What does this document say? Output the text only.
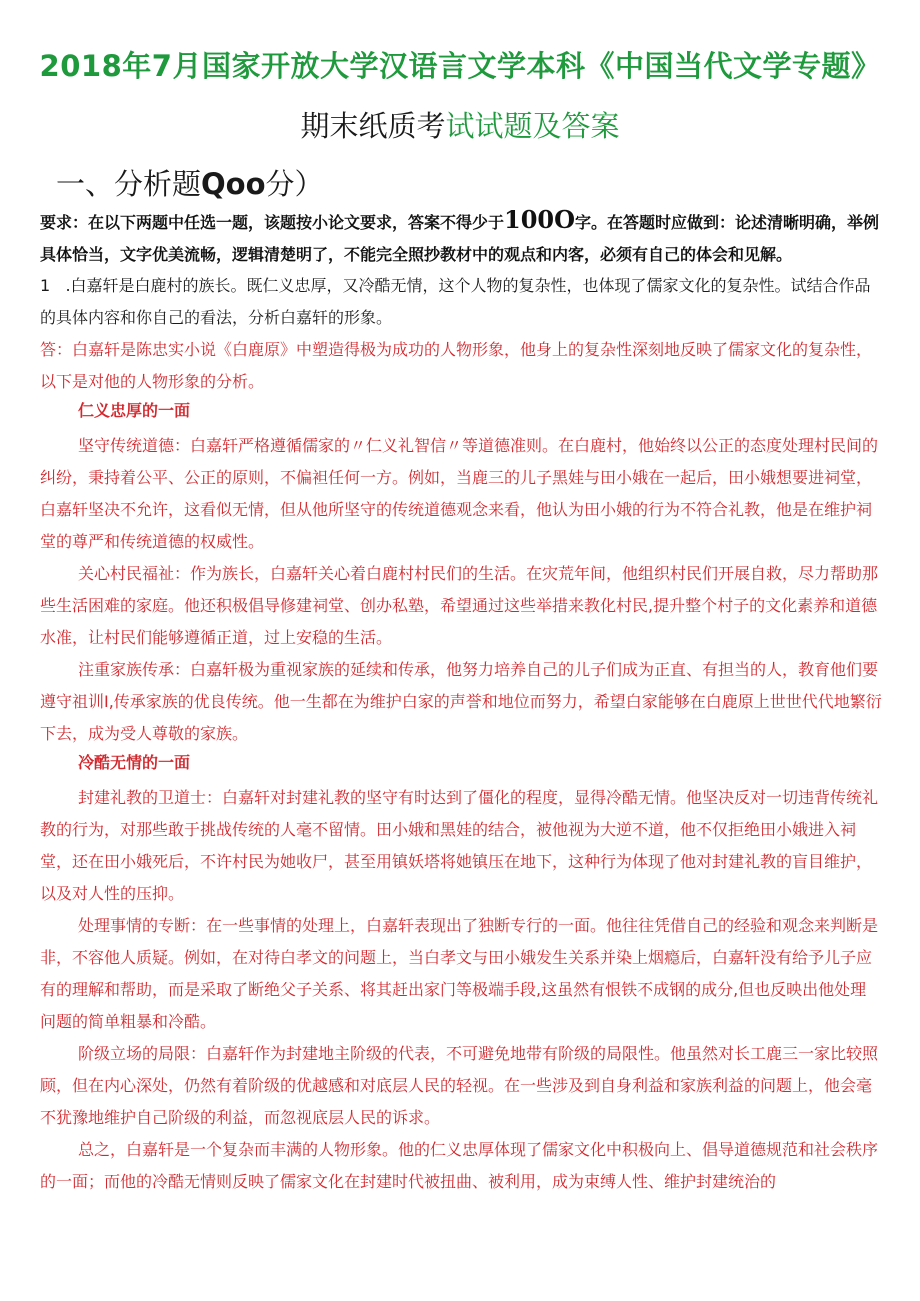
2018年7月国家开放大学汉语言文学本科《中国当代文学专题》
期末纸质考试试题及答案
一、分析题Qoo分）
要求：在以下两题中任选一题，该题按小论文要求，答案不得少于100O字。在答题时应做到：论述清晰明确，举例具体恰当，文字优美流畅，逻辑清楚明了，不能完全照抄教材中的观点和内客，必须有自己的体会和见解。
1 .白嘉轩是白鹿村的族长。既仁义忠厚，又冷酷无情，这个人物的复杂性，也体现了儒家文化的复杂性。试结合作品的具体内容和你自己的看法，分析白嘉轩的形象。
答：白嘉轩是陈忠实小说《白鹿原》中塑造得极为成功的人物形象，他身上的复杂性深刻地反映了儒家文化的复杂性，以下是对他的人物形象的分析。
仁义忠厚的一面

坚守传统道德：白嘉轩严格遵循儒家的〃仁义礼智信〃等道德准则。在白鹿村，他始终以公正的态度处理村民间的纠纷，秉持着公平、公正的原则，不偏袒任何一方。例如，当鹿三的儿子黑娃与田小娥在一起后，田小娥想要进祠堂，白嘉轩坚决不允许，这看似无情，但从他所坚守的传统道德观念来看，他认为田小娥的行为不符合礼教，他是在维护祠堂的尊严和传统道德的权威性。

关心村民福祉：作为族长，白嘉轩关心着白鹿村村民们的生活。在灾荒年间，他组织村民们开展自救，尽力帮助那些生活困难的家庭。他还积极倡导修建祠堂、创办私塾，希望通过这些举措来教化村民,提升整个村子的文化素养和道德水准，让村民们能够遵循正道，过上安稳的生活。

注重家族传承：白嘉轩极为重视家族的延续和传承，他努力培养自己的儿子们成为正直、有担当的人，教育他们要遵守祖训I,传承家族的优良传统。他一生都在为维护白家的声誉和地位而努力，希望白家能够在白鹿原上世世代代地繁衍下去，成为受人尊敬的家族。

冷酷无情的一面

封建礼教的卫道士：白嘉轩对封建礼教的坚守有时达到了僵化的程度，显得冷酷无情。他坚决反对一切违背传统礼教的行为，对那些敢于挑战传统的人毫不留情。田小娥和黑娃的结合，被他视为大逆不道，他不仅拒绝田小娥进入祠堂，还在田小娥死后，不许村民为她收尸，甚至用镇妖塔将她镇压在地下，这种行为体现了他对封建礼教的盲目维护，以及对人性的压抑。

处理事情的专断：在一些事情的处理上，白嘉轩表现出了独断专行的一面。他往往凭借自己的经验和观念来判断是非，不容他人质疑。例如，在对待白孝文的问题上，当白孝文与田小娥发生关系并染上烟瘾后，白嘉轩没有给予儿子应有的理解和帮助，而是采取了断绝父子关系、将其赶出家门等极端手段,这虽然有恨铁不成钢的成分,但也反映出他处理问题的简单粗暴和冷酷。

阶级立场的局限：白嘉轩作为封建地主阶级的代表，不可避免地带有阶级的局限性。他虽然对长工鹿三一家比较照顾，但在内心深处，仍然有着阶级的优越感和对底层人民的轻视。在一些涉及到自身利益和家族利益的问题上，他会毫不犹豫地维护自己阶级的利益，而忽视底层人民的诉求。

总之，白嘉轩是一个复杂而丰满的人物形象。他的仁义忠厚体现了儒家文化中积极向上、倡导道德规范和社会秩序的一面；而他的冷酷无情则反映了儒家文化在封建时代被扭曲、被利用，成为束缚人性、维护封建统治的
